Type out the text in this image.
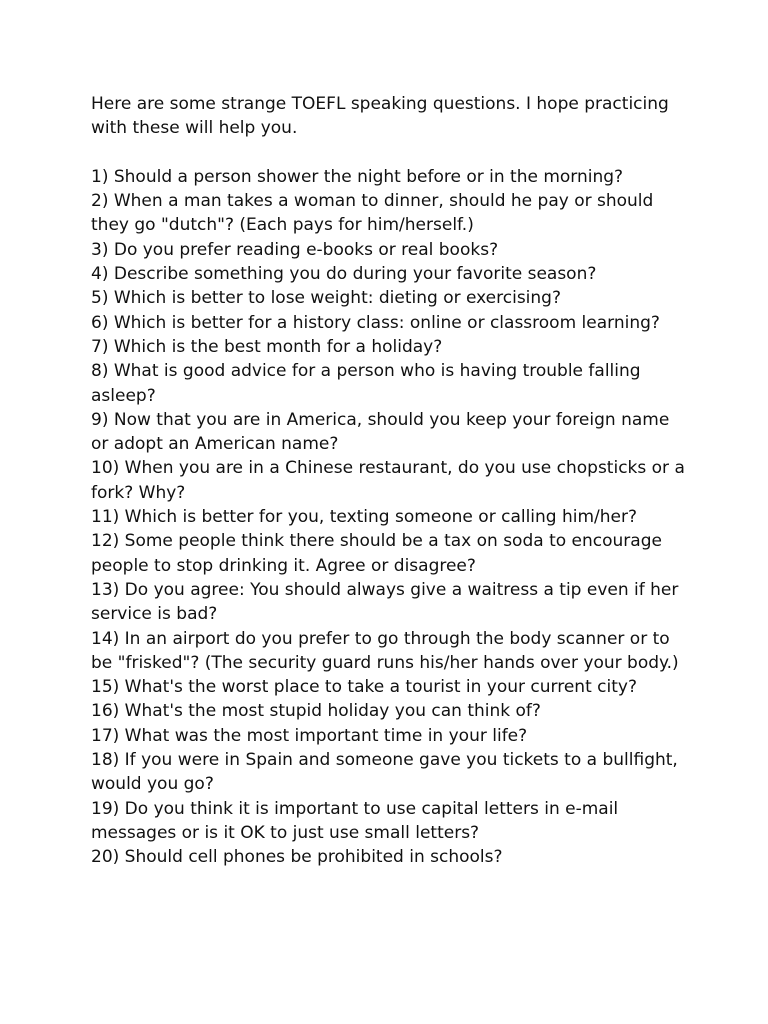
Here are some strange TOEFL speaking questions. I hope practicing with these will help you.

1) Should a person shower the night before or in the morning?
2) When a man takes a woman to dinner, should he pay or should they go "dutch"? (Each pays for him/herself.)
3) Do you prefer reading e-books or real books?
4) Describe something you do during your favorite season?
5) Which is better to lose weight: dieting or exercising?
6) Which is better for a history class: online or classroom learning?
7) Which is the best month for a holiday?
8) What is good advice for a person who is having trouble falling asleep?
9) Now that you are in America, should you keep your foreign name or adopt an American name?
10) When you are in a Chinese restaurant, do you use chopsticks or a fork? Why?
11) Which is better for you, texting someone or calling him/her?
12) Some people think there should be a tax on soda to encourage people to stop drinking it. Agree or disagree?
13) Do you agree: You should always give a waitress a tip even if her service is bad?
14) In an airport do you prefer to go through the body scanner or to be "frisked"? (The security guard runs his/her hands over your body.)
15) What's the worst place to take a tourist in your current city?
16) What's the most stupid holiday you can think of?
17) What was the most important time in your life?
18) If you were in Spain and someone gave you tickets to a bullfight, would you go?
19) Do you think it is important to use capital letters in e-mail messages or is it OK to just use small letters?
20) Should cell phones be prohibited in schools?
